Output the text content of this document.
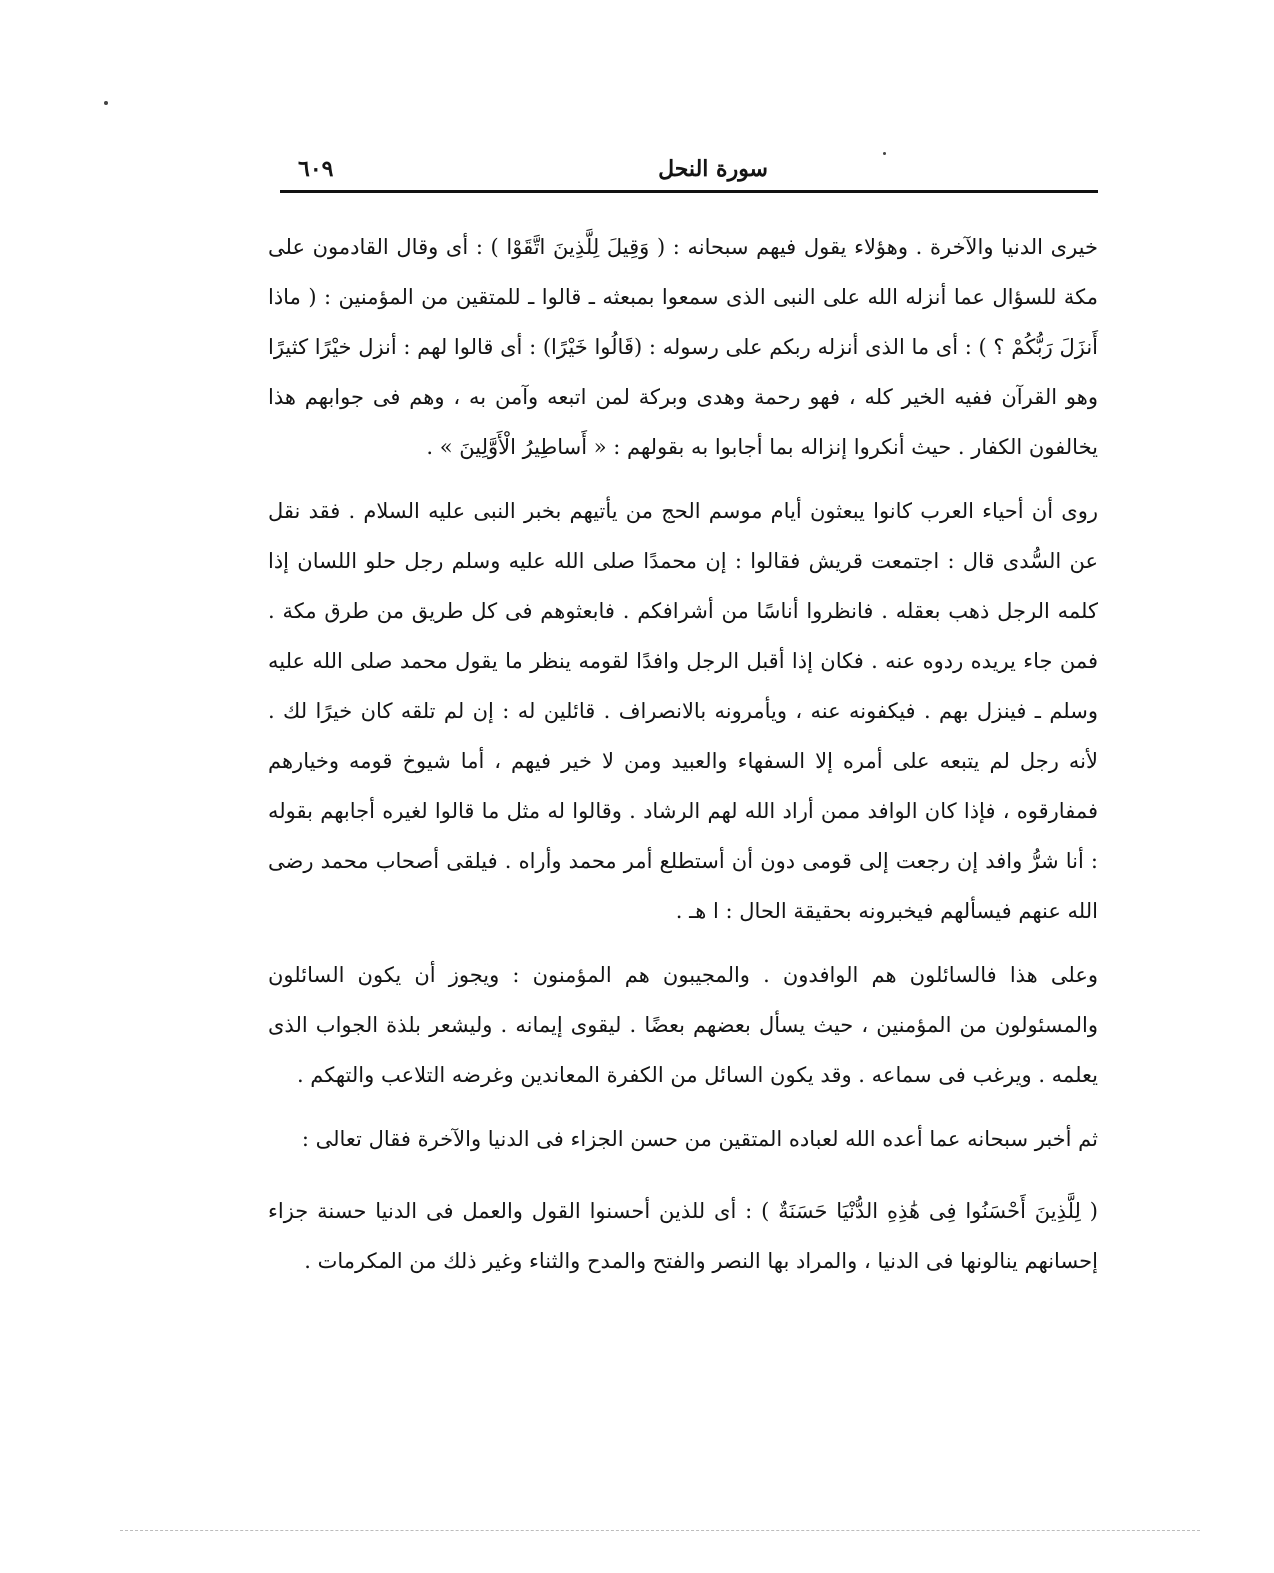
سورة النحل
٦٠٩

خيرى الدنيا والآخرة . وهؤلاء يقول فيهم سبحانه : ( وَقِيلَ لِلَّذِينَ اتَّقَوْا ) : أى وقال القادمون على مكة للسؤال عما أنزله الله على النبى الذى سمعوا بمبعثه ـ قالوا ـ للمتقين من المؤمنين : ( ماذا أَنزَلَ رَبُّكُمْ ؟ ) : أى ما الذى أنزله ربكم على رسوله : (قَالُوا خَيْرًا) : أى قالوا لهم : أنزل خيْرًا كثيرًا وهو القرآن ففيه الخير كله ، فهو رحمة وهدى وبركة لمن اتبعه وآمن به ، وهم فى جوابهم هذا يخالفون الكفار . حيث أنكروا إنزاله بما أجابوا به بقولهم : « أَساطِيرُ الْأَوَّلِينَ » .

روى أن أحياء العرب كانوا يبعثون أيام موسم الحج من يأتيهم بخبر النبى عليه السلام . فقد نقل عن السُّدى قال : اجتمعت قريش فقالوا : إن محمدًا صلى الله عليه وسلم رجل حلو اللسان إذا كلمه الرجل ذهب بعقله . فانظروا أناسًا من أشرافكم . فابعثوهم فى كل طريق من طرق مكة . فمن جاء يريده ردوه عنه . فكان إذا أقبل الرجل وافدًا لقومه ينظر ما يقول محمد صلى الله عليه وسلم ـ فينزل بهم . فيكفونه عنه ، ويأمرونه بالانصراف . قائلين له : إن لم تلقه كان خيرًا لك . لأنه رجل لم يتبعه على أمره إلا السفهاء والعبيد ومن لا خير فيهم ، أما شيوخ قومه وخيارهم فمفارقوه ، فإذا كان الوافد ممن أراد الله لهم الرشاد . وقالوا له مثل ما قالوا لغيره أجابهم بقوله : أنا شرُّ وافد إن رجعت إلى قومى دون أن أستطلع أمر محمد وأراه . فيلقى أصحاب محمد رضى الله عنهم فيسألهم فيخبرونه بحقيقة الحال : ا هـ .

وعلى هذا فالسائلون هم الوافدون . والمجيبون هم المؤمنون : ويجوز أن يكون السائلون والمسئولون من المؤمنين ، حيث يسأل بعضهم بعضًا . ليقوى إيمانه . وليشعر بلذة الجواب الذى يعلمه . ويرغب فى سماعه . وقد يكون السائل من الكفرة المعاندين وغرضه التلاعب والتهكم .

ثم أخبر سبحانه عما أعده الله لعباده المتقين من حسن الجزاء فى الدنيا والآخرة فقال تعالى :

( لِلَّذِينَ أَحْسَنُوا فِى هَٰذِهِ الدُّنْيَا حَسَنَةٌ ) : أى للذين أحسنوا القول والعمل فى الدنيا حسنة جزاء إحسانهم ينالونها فى الدنيا ، والمراد بها النصر والفتح والمدح والثناء وغير ذلك من المكرمات .
